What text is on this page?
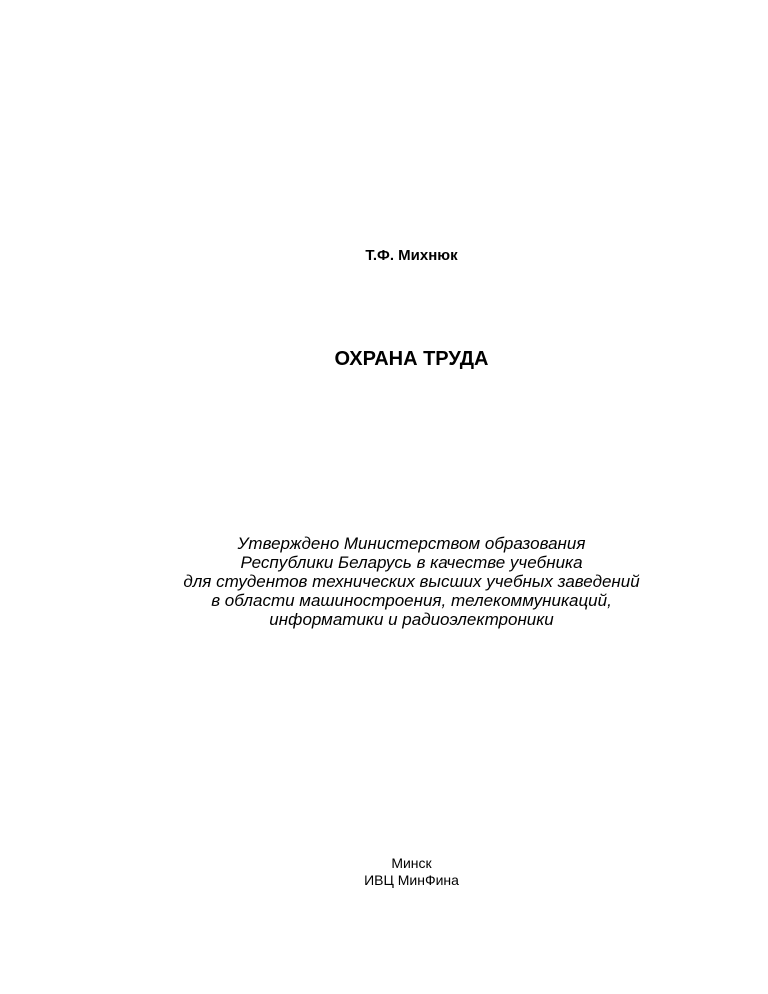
Т.Ф. Михнюк
ОХРАНА ТРУДА
Утверждено Министерством образования
Республики Беларусь в качестве учебника
для студентов технических высших учебных заведений
в области машиностроения, телекоммуникаций,
информатики и радиоэлектроники
Минск
ИВЦ МинФина
